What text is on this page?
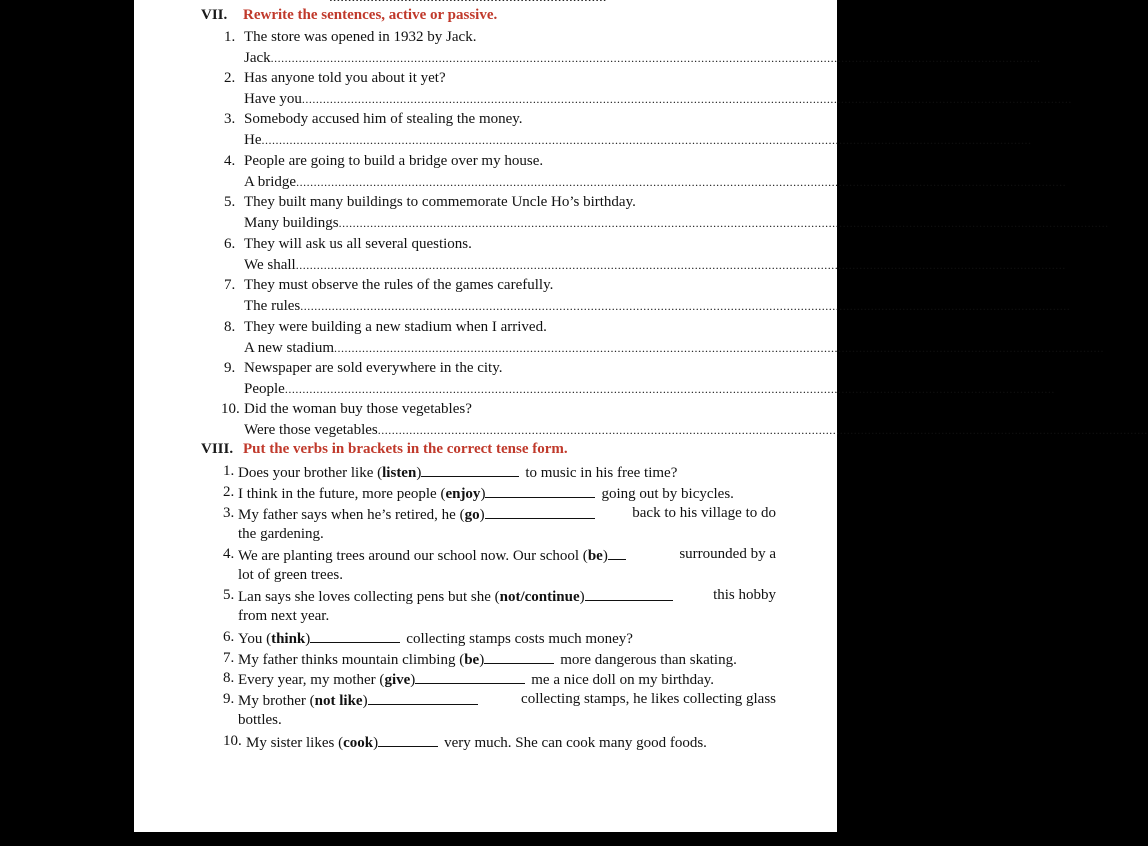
VII. Rewrite the sentences, active or passive.
1. The store was opened in 1932 by Jack.
Jack ............................................................................................................................................................................................................................
2. Has anyone told you about it yet?
Have you ............................................................................................................................................................................................................................
3. Somebody accused him of stealing the money.
He ............................................................................................................................................................................................................................
4. People are going to build a bridge over my house.
A bridge ............................................................................................................................................................................................................................
5. They built many buildings to commemorate Uncle Ho’s birthday.
Many buildings ............................................................................................................................................................................................................................
6. They will ask us all several questions.
We shall ............................................................................................................................................................................................................................
7. They must observe the rules of the games carefully.
The rules ............................................................................................................................................................................................................................
8. They were building a new stadium when I arrived.
A new stadium ............................................................................................................................................................................................................................
9. Newspaper are sold everywhere in the city.
People ............................................................................................................................................................................................................................
10. Did the woman buy those vegetables?
Were those vegetables ............................................................................................................................................................................................................................
VIII. Put the verbs in brackets in the correct tense form.
1. Does your brother like (listen)	to music in his free time?
2. I think in the future, more people (enjoy)	going out by bicycles.
3. My father says when he’s retired, he (go)	back to his village to do
the gardening.
4. We are planting trees around our school now. Our school (be)	surrounded by a
lot of green trees.
5. Lan says she loves collecting pens but she (not/continue)	this hobby
from next year.
6. You (think)	collecting stamps costs much money?
7. My father thinks mountain climbing (be)	more dangerous than skating.
8. Every year, my mother (give)	me a nice doll on my birthday.
9. My brother (not like)	collecting stamps, he likes collecting glass
bottles.
10. My sister likes (cook)	very much. She can cook many good foods.
